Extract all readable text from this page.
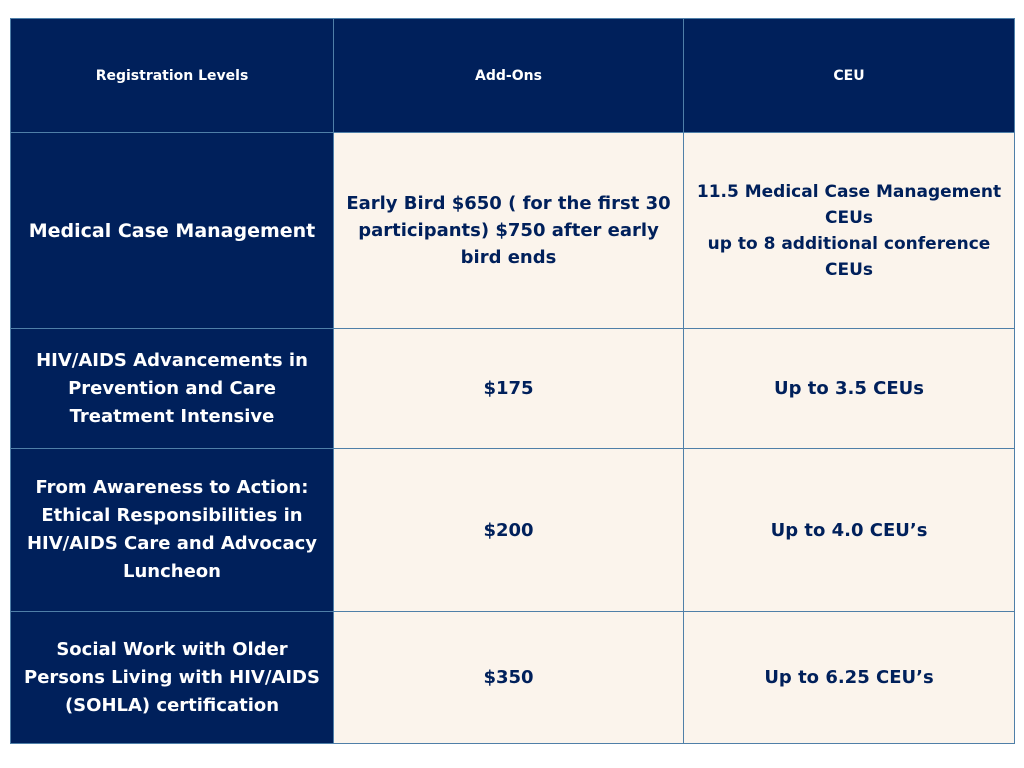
Registration Levels	Add-Ons	CEU
Medical Case Management	Early Bird $650 ( for the first 30 participants) $750 after early bird ends	11.5 Medical Case Management CEUs
up to 8 additional conference CEUs

HIV/AIDS Advancements in Prevention and Care Treatment Intensive	$175	Up to 3.5 CEUs
From Awareness to Action: Ethical Responsibilities in HIV/AIDS Care and Advocacy Luncheon	$200	Up to 4.0 CEU’s
Social Work with Older Persons Living with HIV/AIDS (SOHLA) certification	$350	Up to 6.25 CEU’s
